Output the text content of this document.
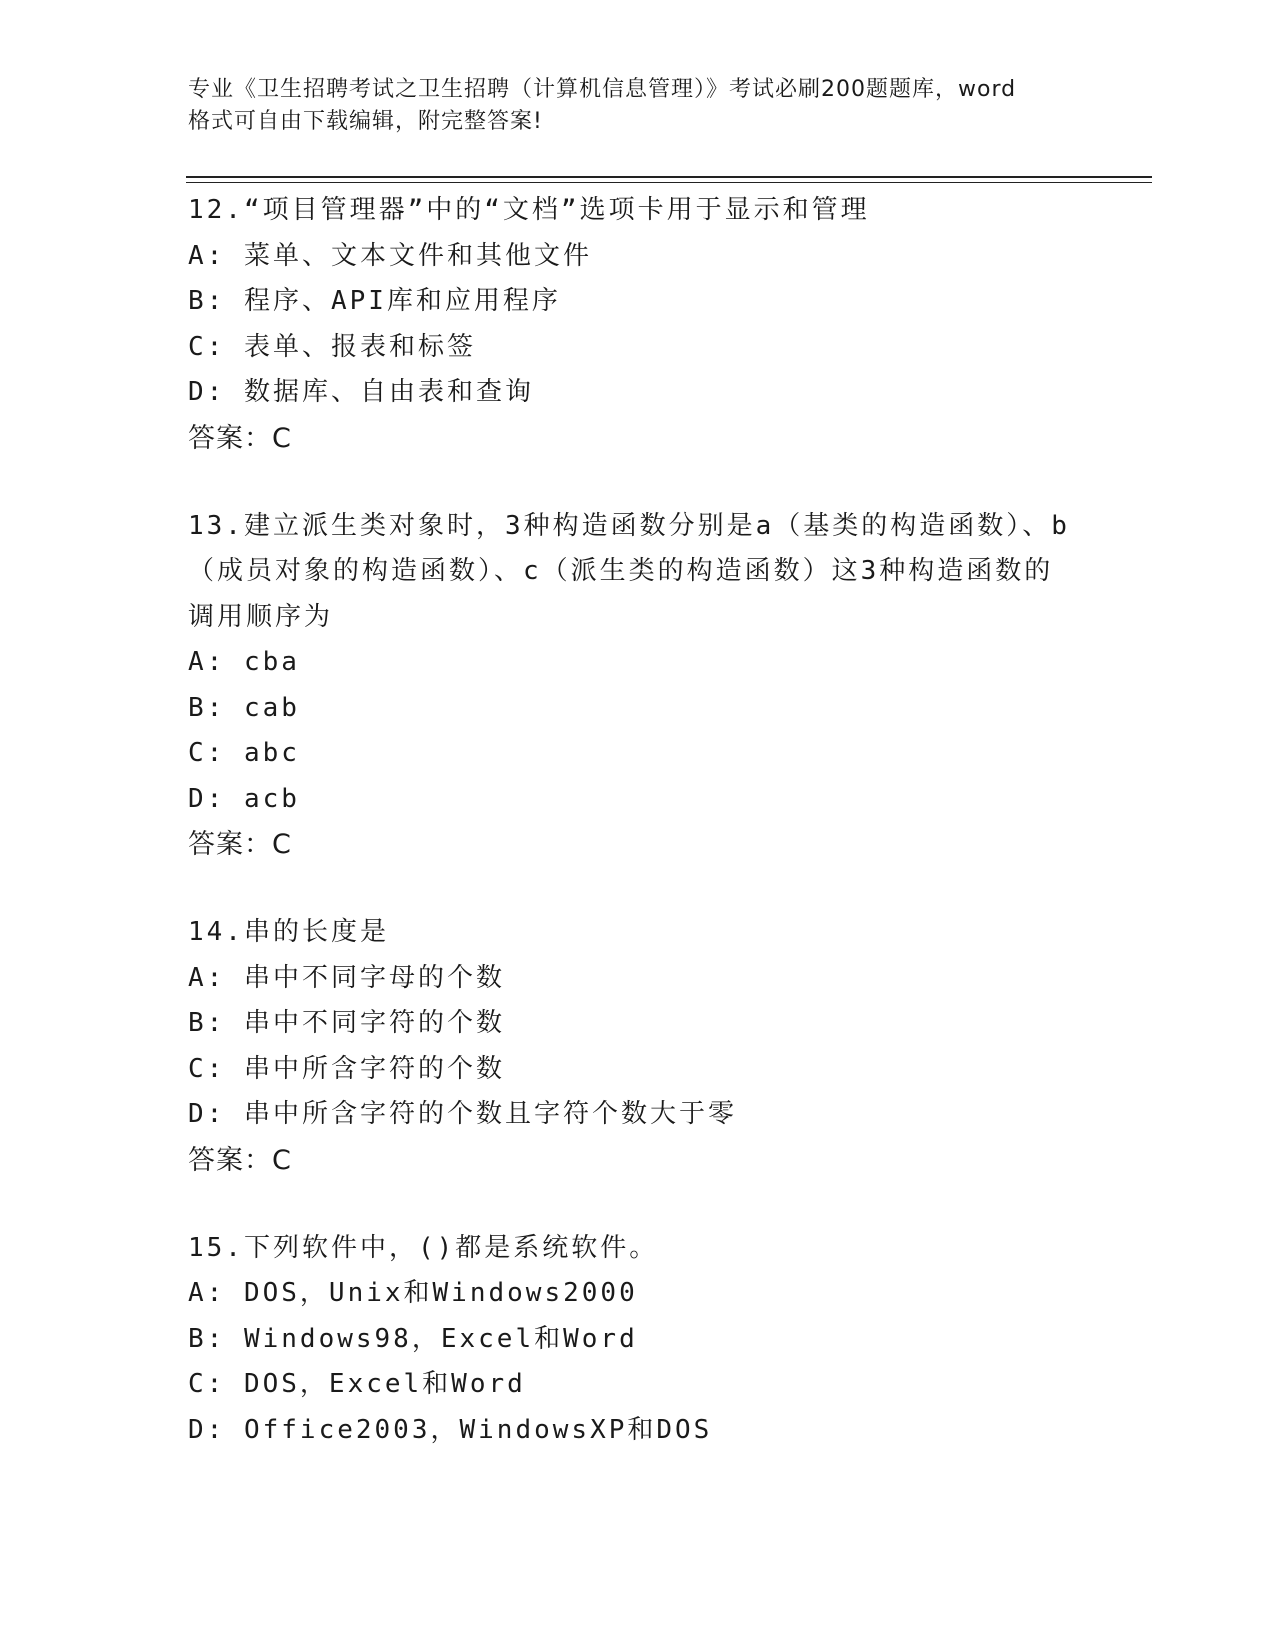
专业《卫生招聘考试之卫生招聘（计算机信息管理）》考试必刷200题题库，word
格式可自由下载编辑，附完整答案!
12.“项目管理器”中的“文档”选项卡用于显示和管理
A: 菜单、文本文件和其他文件
B: 程序、API库和应用程序
C: 表单、报表和标签
D: 数据库、自由表和查询
答案：C
13.建立派生类对象时，3种构造函数分别是a（基类的构造函数）、b
（成员对象的构造函数）、c（派生类的构造函数）这3种构造函数的
调用顺序为
A: cba
B: cab
C: abc
D: acb
答案：C
14.串的长度是
A: 串中不同字母的个数
B: 串中不同字符的个数
C: 串中所含字符的个数
D: 串中所含字符的个数且字符个数大于零
答案：C
15.下列软件中，()都是系统软件。
A: DOS，Unix和Windows2000
B: Windows98，Excel和Word
C: DOS，Excel和Word
D: Office2003，WindowsXP和DOS
